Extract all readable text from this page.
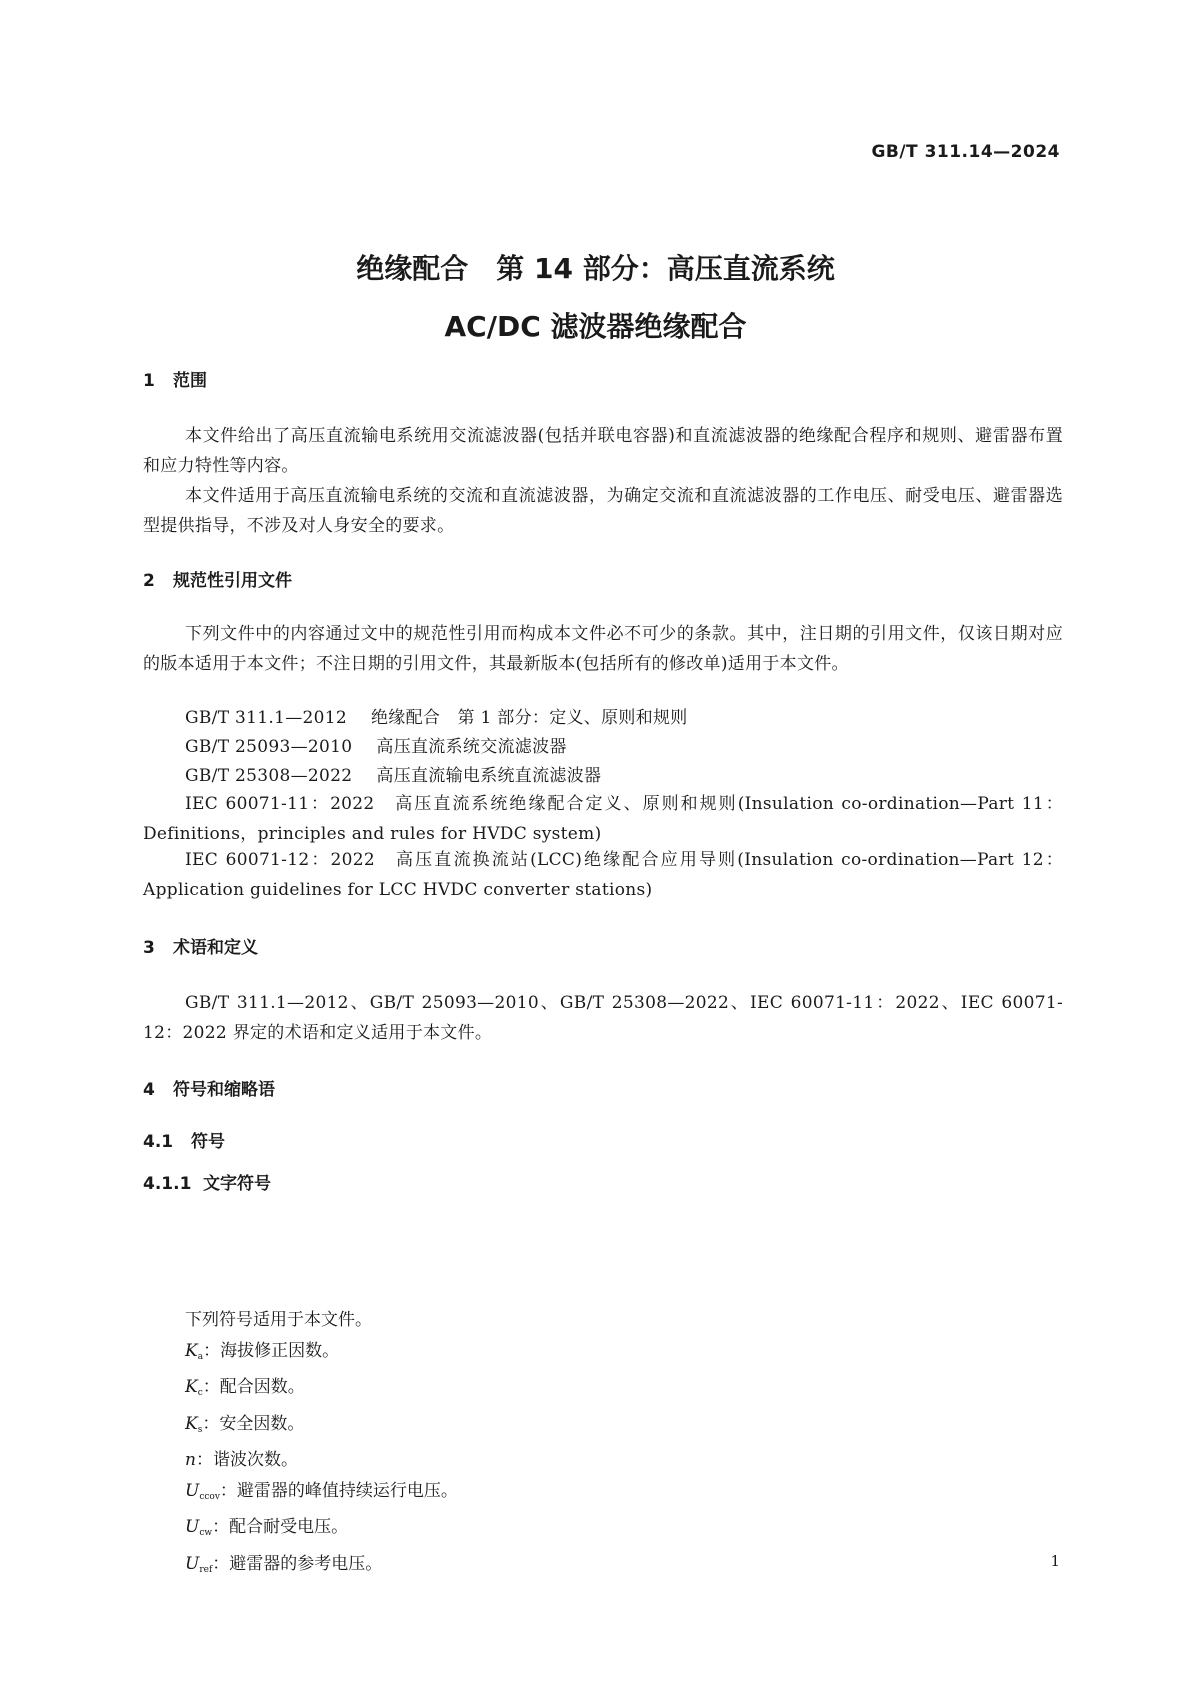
GB/T 311.14—2024
绝缘配合　第 14 部分：高压直流系统
AC/DC 滤波器绝缘配合
1 范围

本文件给出了高压直流输电系统用交流滤波器(包括并联电容器)和直流滤波器的绝缘配合程序和规则、避雷器布置和应力特性等内容。

本文件适用于高压直流输电系统的交流和直流滤波器，为确定交流和直流滤波器的工作电压、耐受电压、避雷器选型提供指导，不涉及对人身安全的要求。

2 规范性引用文件

下列文件中的内容通过文中的规范性引用而构成本文件必不可少的条款。其中，注日期的引用文件，仅该日期对应的版本适用于本文件；不注日期的引用文件，其最新版本(包括所有的修改单)适用于本文件。

GB/T 311.1—2012 绝缘配合　第 1 部分：定义、原则和规则
GB/T 25093—2010 高压直流系统交流滤波器
GB/T 25308—2022 高压直流输电系统直流滤波器

IEC 60071-11：2022　高压直流系统绝缘配合定义、原则和规则(Insulation co-ordination—Part 11：Definitions，principles and rules for HVDC system)

IEC 60071-12：2022　高压直流换流站(LCC)绝缘配合应用导则(Insulation co-ordination—Part 12：Application guidelines for LCC HVDC converter stations)

3 术语和定义

GB/T 311.1—2012、GB/T 25093—2010、GB/T 25308—2022、IEC 60071-11：2022、IEC 60071-12：2022 界定的术语和定义适用于本文件。

4 符号和缩略语
4.1 符号
4.1.1 文字符号
下列符号适用于本文件。
$K_a$：海拔修正因数。
$K_c$：配合因数。
$K_s$：安全因数。
n：谐波次数。
$U_{ccov}$：避雷器的峰值持续运行电压。
$U_{cw}$：配合耐受电压。
$U_{ref}$：避雷器的参考电压。	1
